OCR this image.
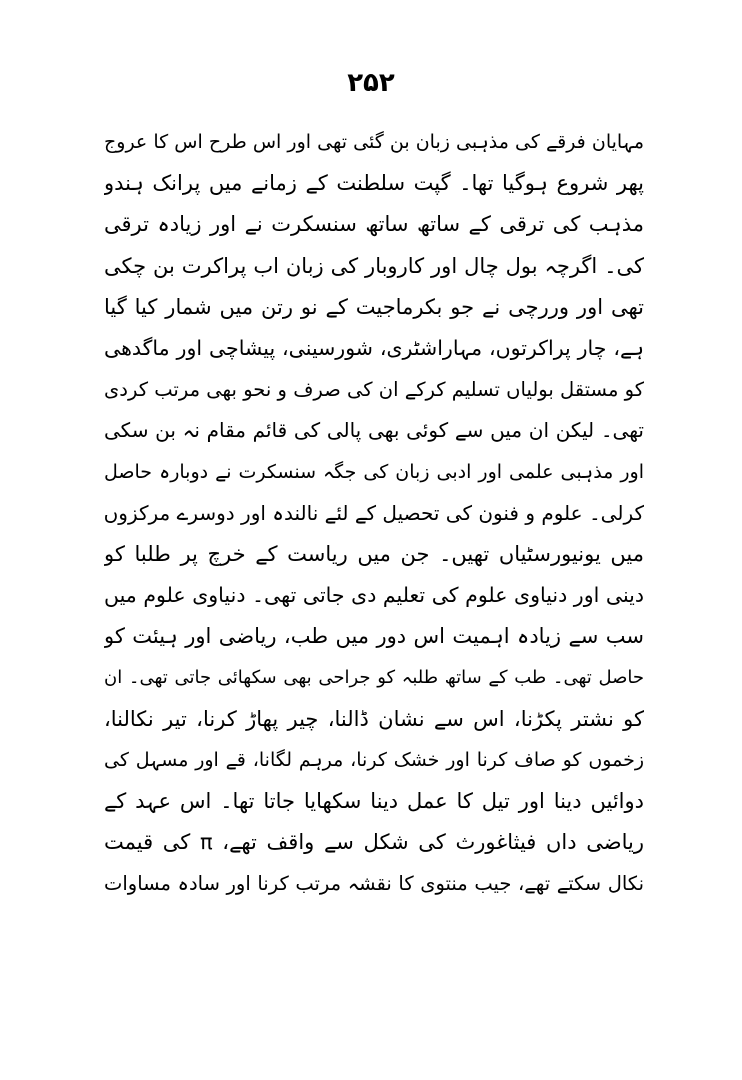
۲۵۲
مہایان فرقے کی مذہبی زبان بن گئی تھی اور اس طرح اس کا عروج
پھر شروع ہوگیا تھا۔ گپت سلطنت کے زمانے میں پرانک ہندو
مذہب کی ترقی کے ساتھ ساتھ سنسکرت نے اور زیادہ ترقی
کی۔ اگرچہ بول چال اور کاروبار کی زبان اب پراکرت بن چکی
تھی اور وررچی نے جو بکرماجیت کے نو رتن میں شمار کیا گیا
ہے، چار پراکرتوں، مہاراشٹری، شورسینی، پیشاچی اور ماگدھی
کو مستقل بولیاں تسلیم کرکے ان کی صرف و نحو بھی مرتب کردی
تھی۔ لیکن ان میں سے کوئی بھی پالی کی قائم مقام نہ بن سکی
اور مذہبی علمی اور ادبی زبان کی جگہ سنسکرت نے دوبارہ حاصل
کرلی۔ علوم و فنون کی تحصیل کے لئے نالندہ اور دوسرے مرکزوں
میں یونیورسٹیاں تھیں۔ جن میں ریاست کے خرچ پر طلبا کو
دینی اور دنیاوی علوم کی تعلیم دی جاتی تھی۔ دنیاوی علوم میں
سب سے زیادہ اہمیت اس دور میں طب، ریاضی اور ہیئت کو
حاصل تھی۔ طب کے ساتھ طلبہ کو جراحی بھی سکھائی جاتی تھی۔ ان
کو نشتر پکڑنا، اس سے نشان ڈالنا، چیر پھاڑ کرنا، تیر نکالنا،
زخموں کو صاف کرنا اور خشک کرنا، مرہم لگانا، قے اور مسہل کی
دوائیں دینا اور تیل کا عمل دینا سکھایا جاتا تھا۔ اس عہد کے
ریاضی داں فیثاغورث کی شکل سے واقف تھے، π کی قیمت
نکال سکتے تھے، جیب منتوی کا نقشہ مرتب کرنا اور سادہ مساوات
